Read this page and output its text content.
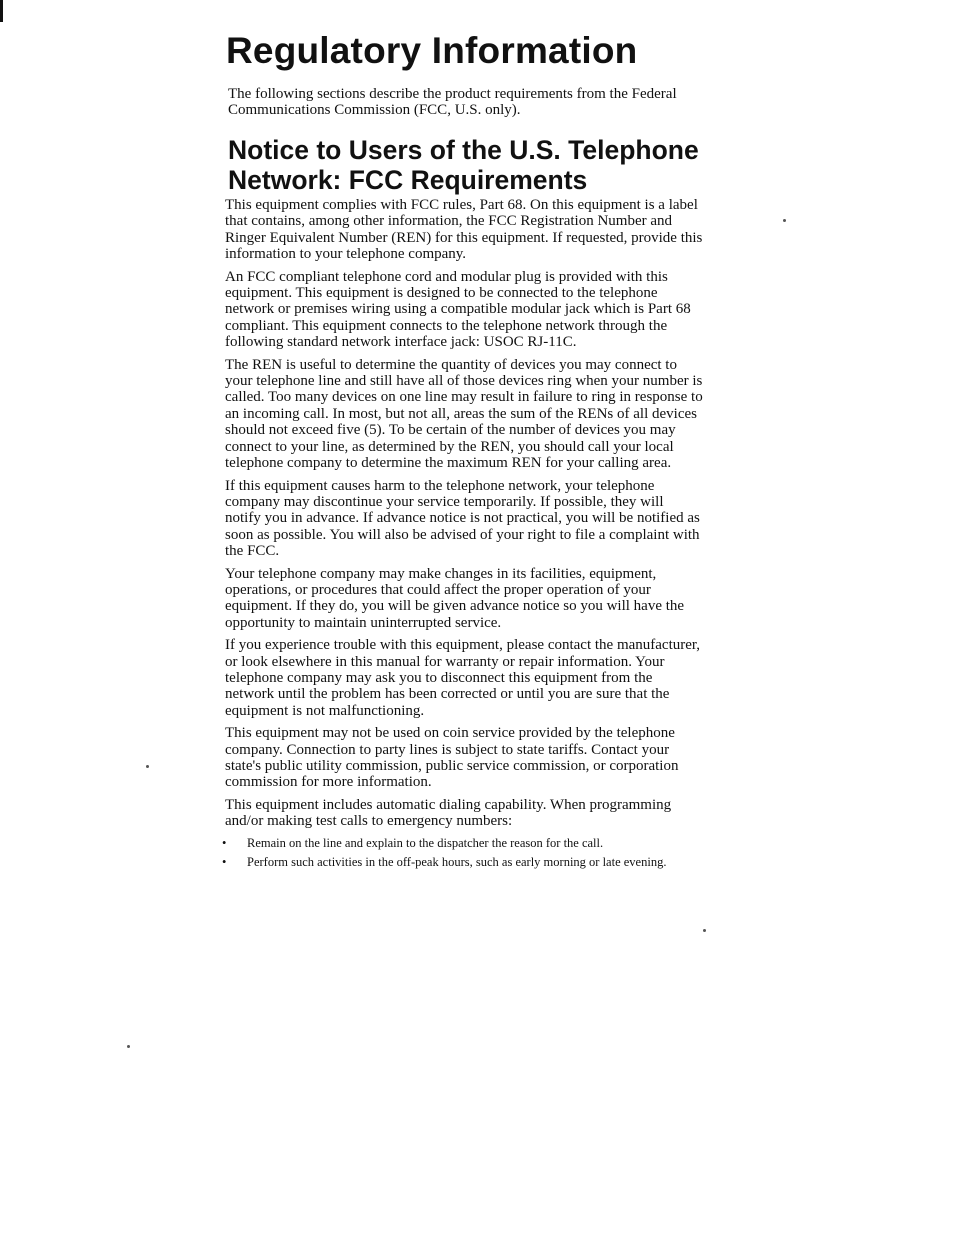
Regulatory Information

The following sections describe the product requirements from the Federal Communications Commission (FCC, U.S. only).

Notice to Users of the U.S. Telephone Network: FCC Requirements

This equipment complies with FCC rules, Part 68. On this equipment is a label that contains, among other information, the FCC Registration Number and Ringer Equivalent Number (REN) for this equipment. If requested, provide this information to your telephone company.

An FCC compliant telephone cord and modular plug is provided with this equipment. This equipment is designed to be connected to the telephone network or premises wiring using a compatible modular jack which is Part 68 compliant. This equipment connects to the telephone network through the following standard network interface jack: USOC RJ-11C.

The REN is useful to determine the quantity of devices you may connect to your telephone line and still have all of those devices ring when your number is called. Too many devices on one line may result in failure to ring in response to an incoming call. In most, but not all, areas the sum of the RENs of all devices should not exceed five (5). To be certain of the number of devices you may connect to your line, as determined by the REN, you should call your local telephone company to determine the maximum REN for your calling area.

If this equipment causes harm to the telephone network, your telephone company may discontinue your service temporarily. If possible, they will notify you in advance. If advance notice is not practical, you will be notified as soon as possible. You will also be advised of your right to file a complaint with the FCC.

Your telephone company may make changes in its facilities, equipment, operations, or procedures that could affect the proper operation of your equipment. If they do, you will be given advance notice so you will have the opportunity to maintain uninterrupted service.

If you experience trouble with this equipment, please contact the manufacturer, or look elsewhere in this manual for warranty or repair information. Your telephone company may ask you to disconnect this equipment from the network until the problem has been corrected or until you are sure that the equipment is not malfunctioning.

This equipment may not be used on coin service provided by the telephone company. Connection to party lines is subject to state tariffs. Contact your state's public utility commission, public service commission, or corporation commission for more information.

This equipment includes automatic dialing capability. When programming and/or making test calls to emergency numbers:

• Remain on the line and explain to the dispatcher the reason for the call.
• Perform such activities in the off-peak hours, such as early morning or late evening.
